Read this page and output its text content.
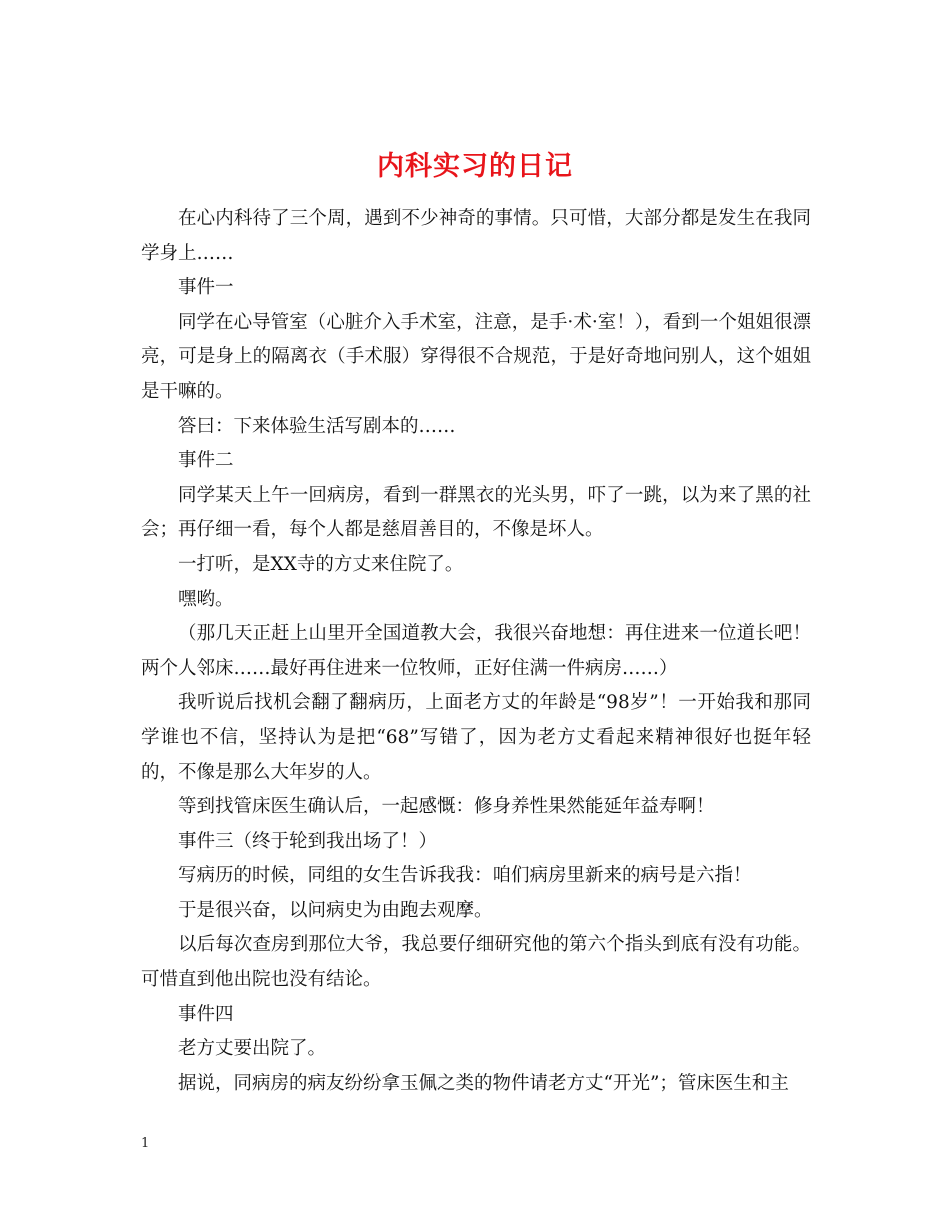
内科实习的日记

在心内科待了三个周，遇到不少神奇的事情。只可惜，大部分都是发生在我同学身上……

事件一

同学在心导管室（心脏介入手术室，注意，是手·术·室！），看到一个姐姐很漂亮，可是身上的隔离衣（手术服）穿得很不合规范，于是好奇地问别人，这个姐姐是干嘛的。

答曰：下来体验生活写剧本的……

事件二

同学某天上午一回病房，看到一群黑衣的光头男，吓了一跳，以为来了黑的社会；再仔细一看，每个人都是慈眉善目的，不像是坏人。

一打听，是XX寺的方丈来住院了。

嘿哟。

（那几天正赶上山里开全国道教大会，我很兴奋地想：再住进来一位道长吧！两个人邻床……最好再住进来一位牧师，正好住满一件病房……）

我听说后找机会翻了翻病历，上面老方丈的年龄是“98岁”！一开始我和那同学谁也不信，坚持认为是把“68”写错了，因为老方丈看起来精神很好也挺年轻的，不像是那么大年岁的人。

等到找管床医生确认后，一起感慨：修身养性果然能延年益寿啊！

事件三（终于轮到我出场了！）

写病历的时候，同组的女生告诉我我：咱们病房里新来的病号是六指！

于是很兴奋，以问病史为由跑去观摩。

以后每次查房到那位大爷，我总要仔细研究他的第六个指头到底有没有功能。可惜直到他出院也没有结论。

事件四

老方丈要出院了。

据说，同病房的病友纷纷拿玉佩之类的物件请老方丈“开光”；管床医生和主

1
